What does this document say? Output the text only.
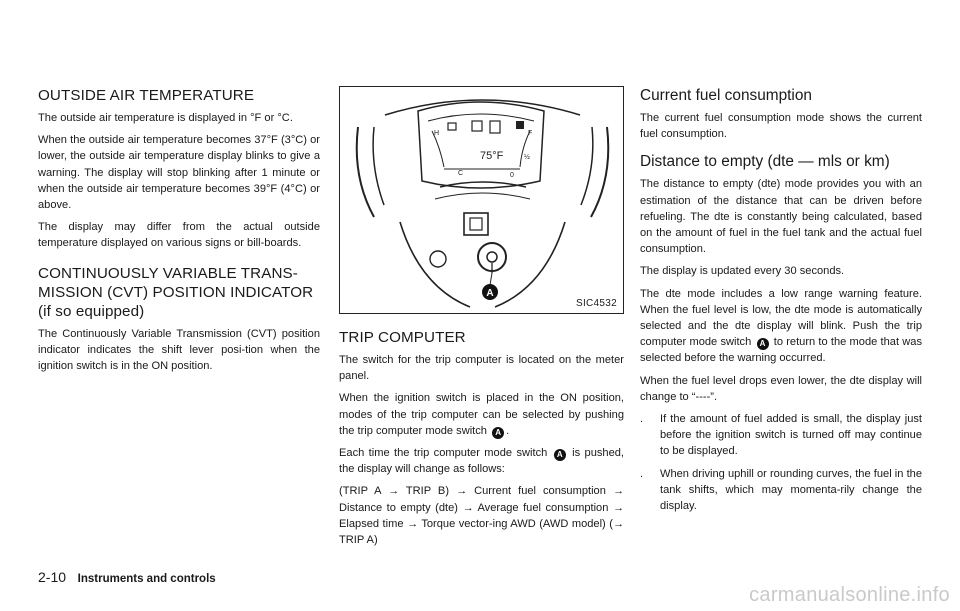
OUTSIDE AIR TEMPERATURE

The outside air temperature is displayed in °F or °C.

When the outside air temperature becomes 37°F (3°C) or lower, the outside air temperature display blinks to give a warning. The display will stop blinking after 1 minute or when the outside air temperature becomes 39°F (4°C) or above.

The display may differ from the actual outside temperature displayed on various signs or bill-boards.

CONTINUOUSLY VARIABLE TRANS-
MISSION (CVT) POSITION INDICATOR
(if so equipped)

The Continuously Variable Transmission (CVT) position indicator indicates the shift lever posi-tion when the ignition switch is in the ON position.

A
H
C
F
½
0
75°F
SIC4532
TRIP COMPUTER

The switch for the trip computer is located on the meter panel.

When the ignition switch is placed in the ON position, modes of the trip computer can be selected by pushing the trip computer mode switch A .

Each time the trip computer mode switch A is pushed, the display will change as follows:

(TRIP A → TRIP B) → Current fuel consumption → Distance to empty (dte) → Average fuel consumption → Elapsed time → Torque vector-ing AWD (AWD model) (→ TRIP A)

Current fuel consumption

The current fuel consumption mode shows the current fuel consumption.

Distance to empty (dte — mls or km)

The distance to empty (dte) mode provides you with an estimation of the distance that can be driven before refueling. The dte is constantly being calculated, based on the amount of fuel in the fuel tank and the actual fuel consumption.

The display is updated every 30 seconds.

The dte mode includes a low range warning feature. When the fuel level is low, the dte mode is automatically selected and the dte display will blink. Push the trip computer mode switch A to return to the mode that was selected before the warning occurred.

When the fuel level drops even lower, the dte display will change to “----”.

. If the amount of fuel added is small, the display just before the ignition switch is turned off may continue to be displayed.
. When driving uphill or rounding curves, the fuel in the tank shifts, which may momenta-rily change the display.
2-10 Instruments and controls
carmanualsonline.info
